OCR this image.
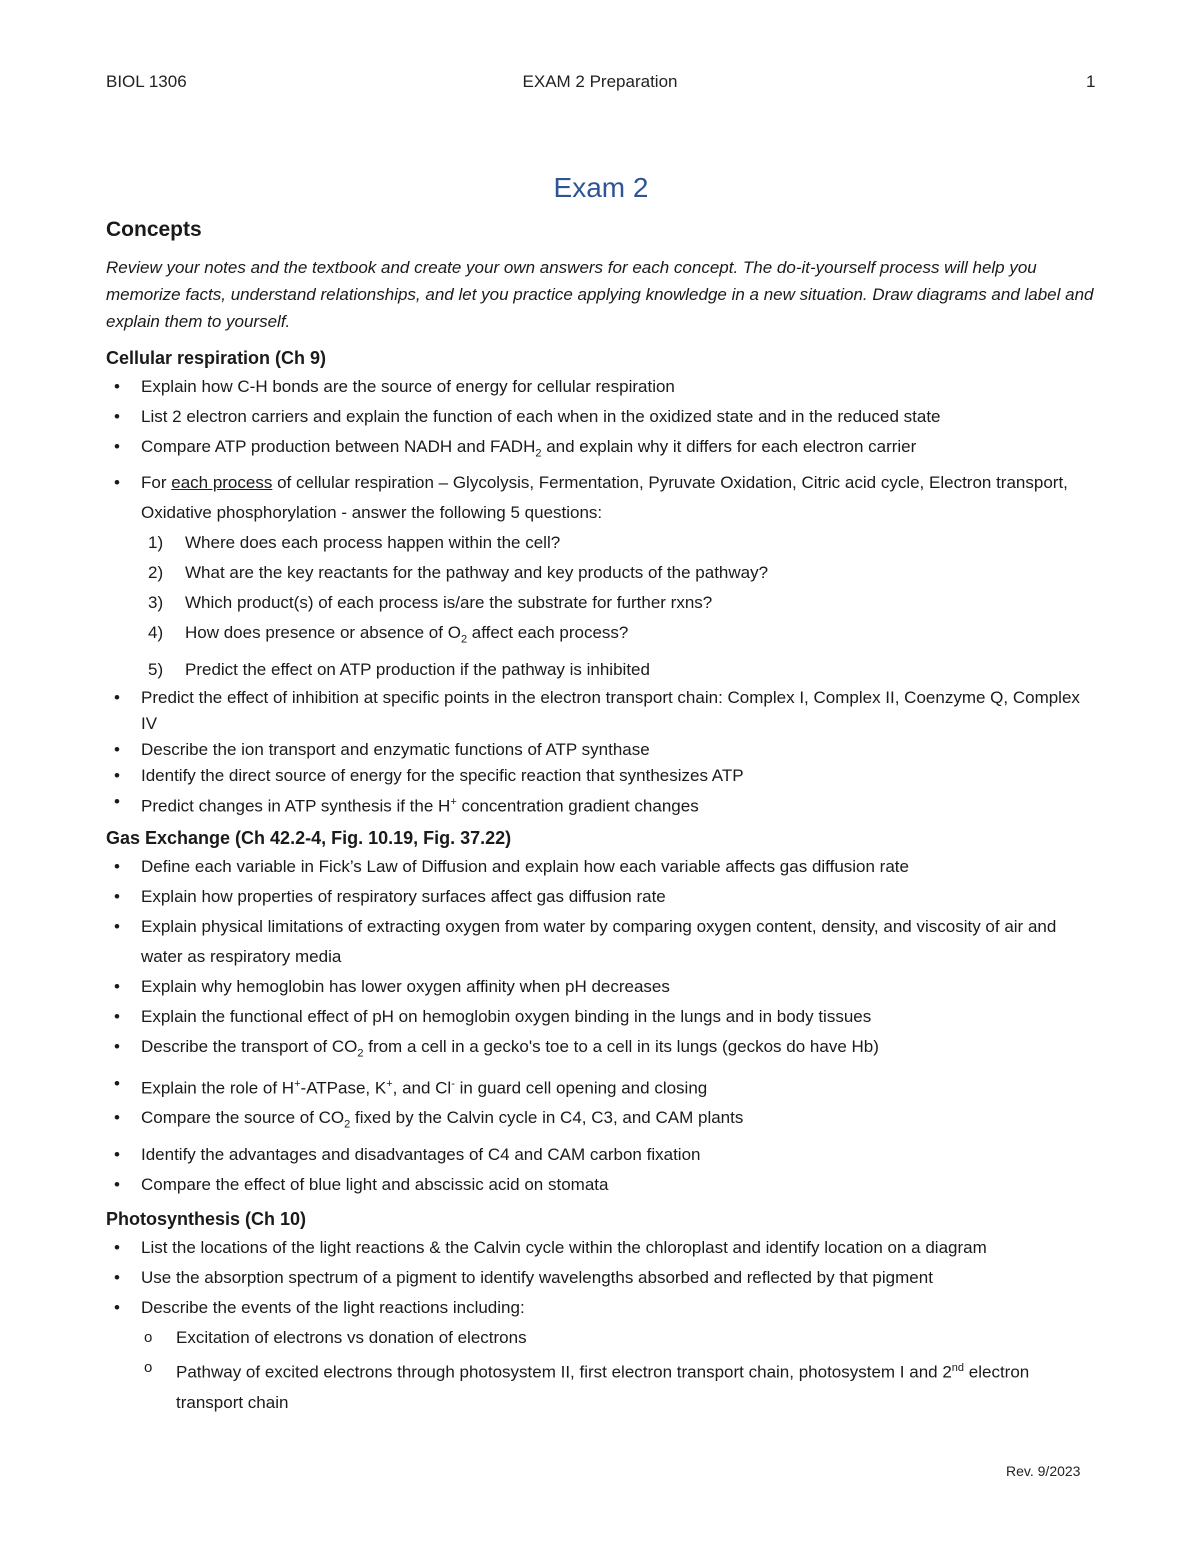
BIOL 1306	EXAM 2 Preparation	1
Exam 2
Concepts

Review your notes and the textbook and create your own answers for each concept. The do-it-yourself process will help you memorize facts, understand relationships, and let you practice applying knowledge in a new situation. Draw diagrams and label and explain them to yourself.

Cellular respiration (Ch 9)
• Explain how C-H bonds are the source of energy for cellular respiration
• List 2 electron carriers and explain the function of each when in the oxidized state and in the reduced state
• Compare ATP production between NADH and $FADH_2$ and explain why it differs for each electron carrier
• For each process of cellular respiration – Glycolysis, Fermentation, Pyruvate Oxidation, Citric acid cycle, Electron transport, Oxidative phosphorylation - answer the following 5 questions:
1) Where does each process happen within the cell?
2) What are the key reactants for the pathway and key products of the pathway?
3) Which product(s) of each process is/are the substrate for further rxns?
4) How does presence or absence of $O_2$ affect each process?
5) Predict the effect on ATP production if the pathway is inhibited
• Predict the effect of inhibition at specific points in the electron transport chain: Complex I, Complex II, Coenzyme Q, Complex IV
• Describe the ion transport and enzymatic functions of ATP synthase
• Identify the direct source of energy for the specific reaction that synthesizes ATP
• Predict changes in ATP synthesis if the H+ concentration gradient changes
Gas Exchange (Ch 42.2-4, Fig. 10.19, Fig. 37.22)
• Define each variable in Fick’s Law of Diffusion and explain how each variable affects gas diffusion rate
• Explain how properties of respiratory surfaces affect gas diffusion rate
• Explain physical limitations of extracting oxygen from water by comparing oxygen content, density, and viscosity of air and water as respiratory media
• Explain why hemoglobin has lower oxygen affinity when pH decreases
• Explain the functional effect of pH on hemoglobin oxygen binding in the lungs and in body tissues
• Describe the transport of $CO_2$ from a cell in a gecko's toe to a cell in its lungs (geckos do have Hb)
• Explain the role of H+-ATPase, K+, and Cl- in guard cell opening and closing
• Compare the source of $CO_2$ fixed by the Calvin cycle in C4, C3, and CAM plants
• Identify the advantages and disadvantages of C4 and CAM carbon fixation
• Compare the effect of blue light and abscissic acid on stomata
Photosynthesis (Ch 10)
• List the locations of the light reactions & the Calvin cycle within the chloroplast and identify location on a diagram
• Use the absorption spectrum of a pigment to identify wavelengths absorbed and reflected by that pigment
• Describe the events of the light reactions including:
o Excitation of electrons vs donation of electrons
o Pathway of excited electrons through photosystem II, first electron transport chain, photosystem I and 2nd electron transport chain
Rev. 9/2023
